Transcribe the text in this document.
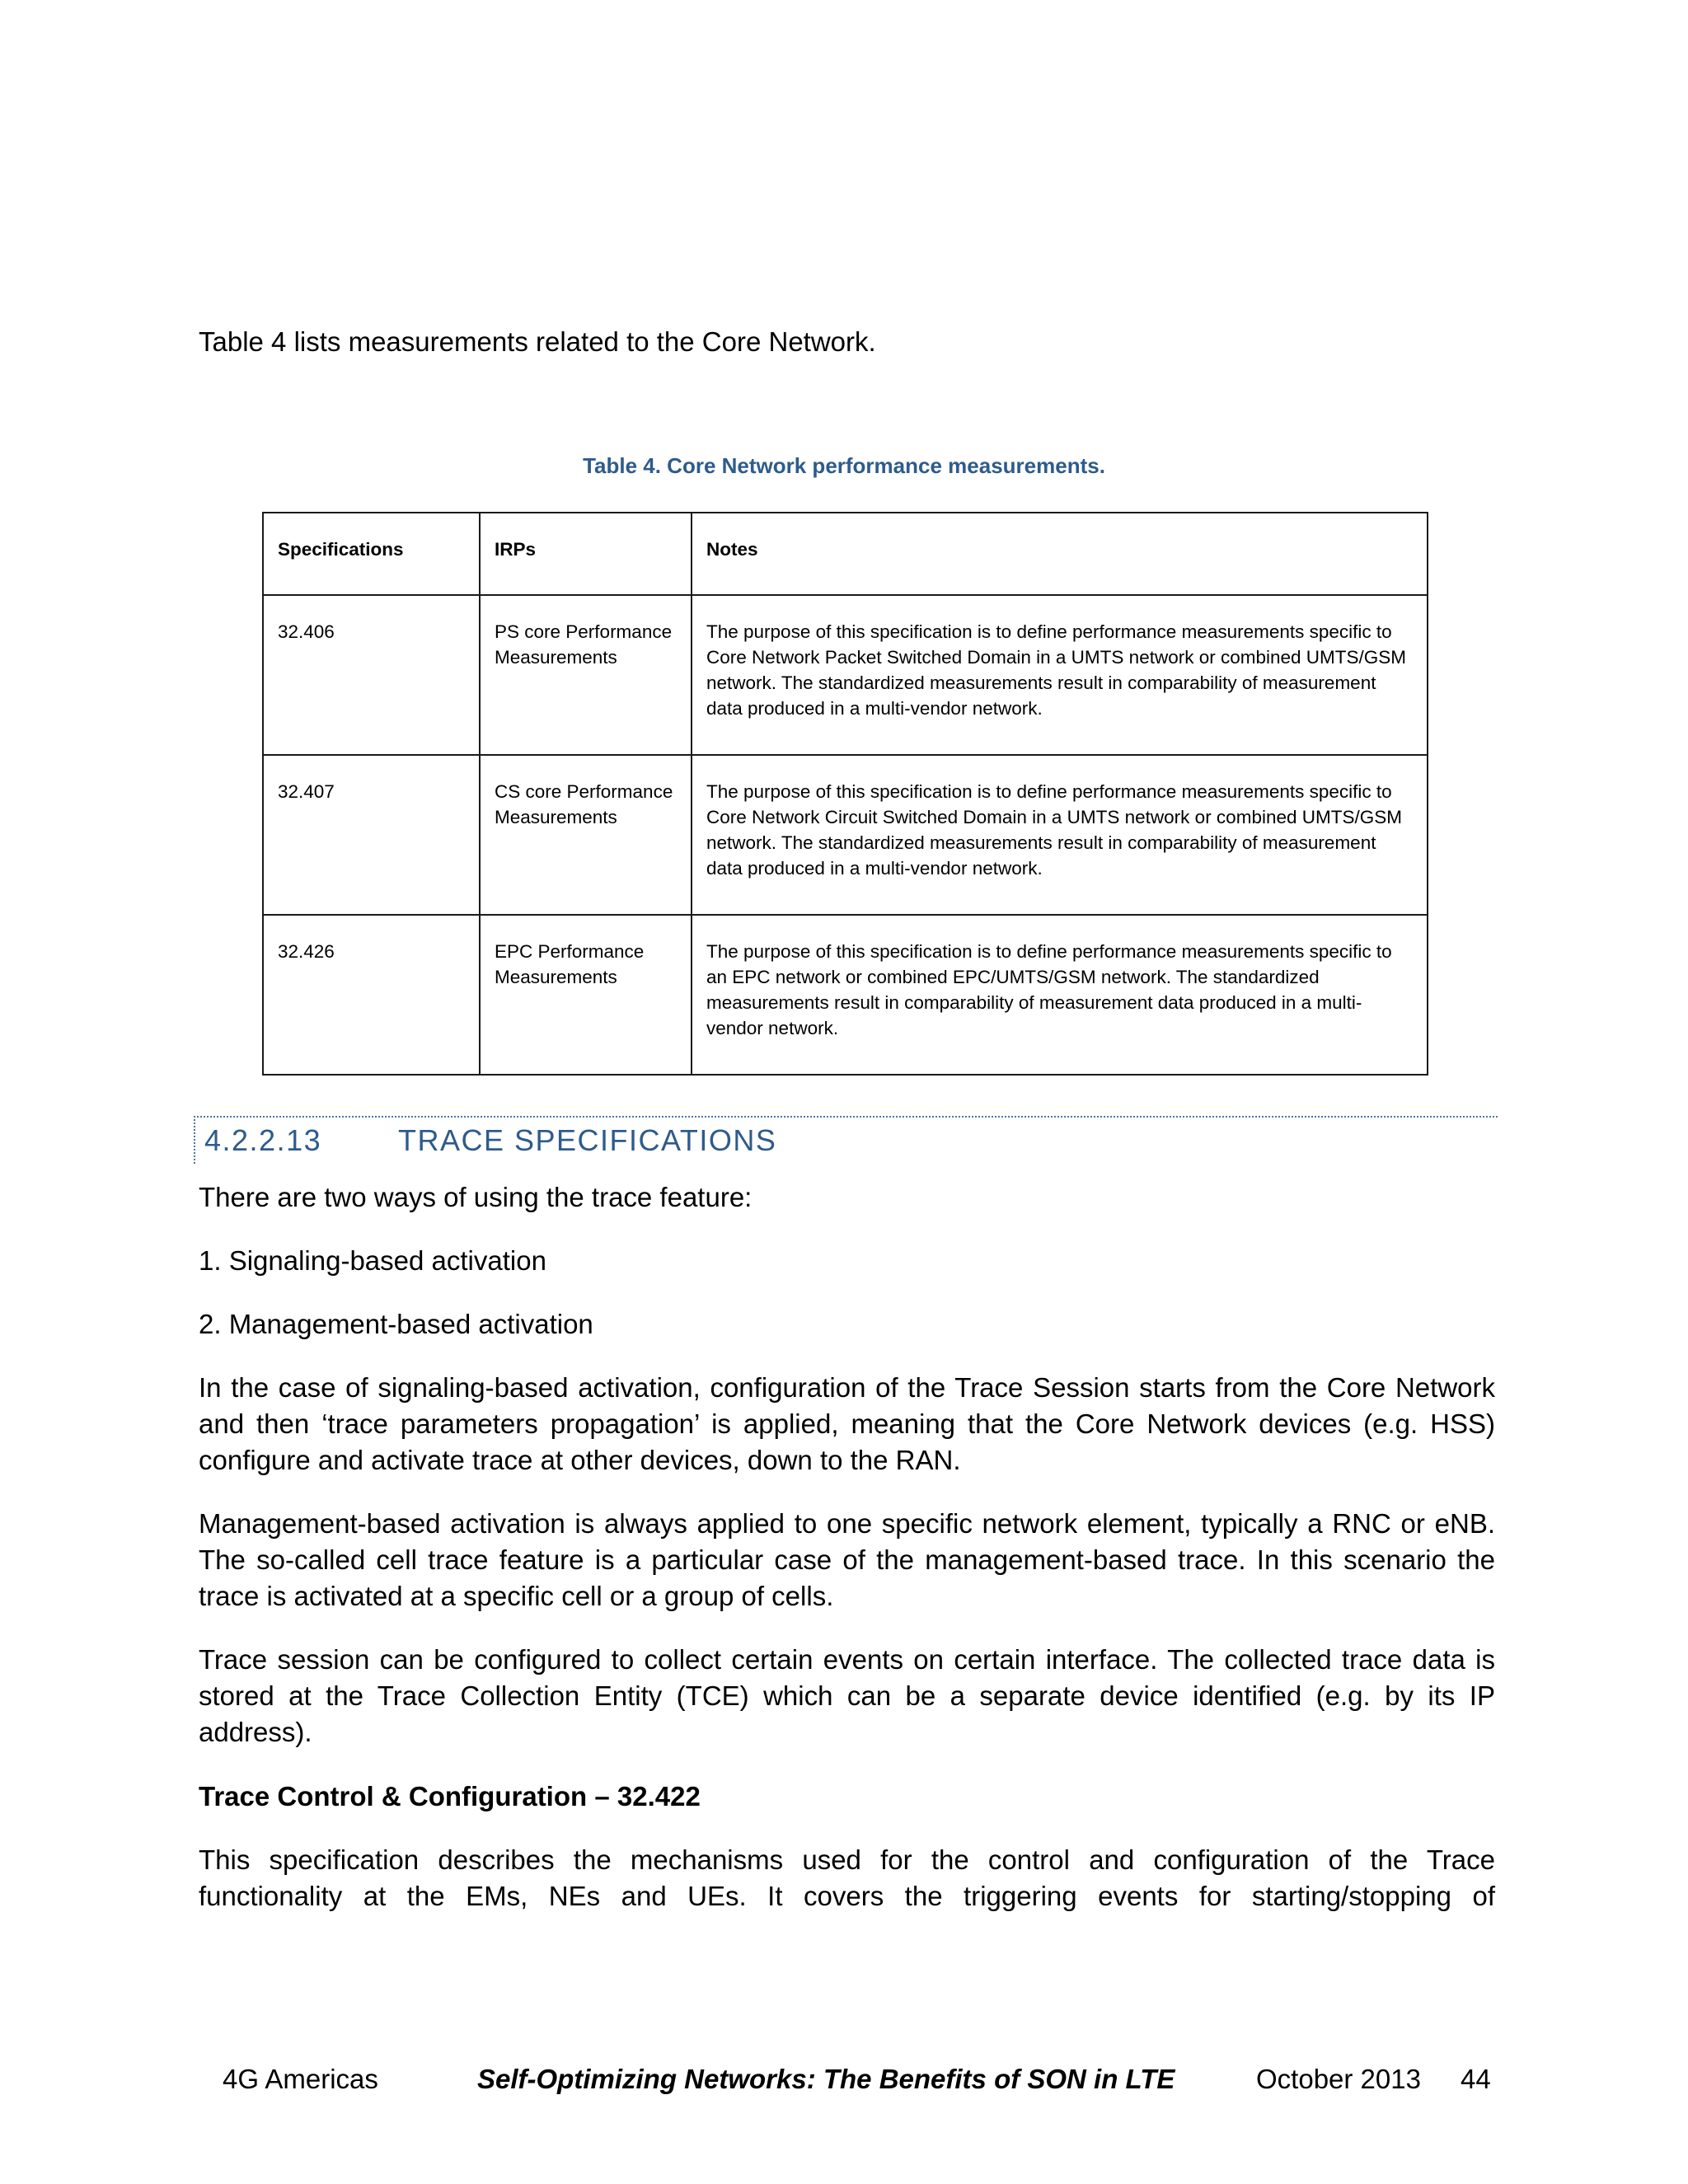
Table 4 lists measurements related to the Core Network.
Table 4. Core Network performance measurements.
Specifications	IRPs	Notes
32.406	PS core Performance Measurements	The purpose of this specification is to define performance measurements specific to Core Network Packet Switched Domain in a UMTS network or combined UMTS/GSM network. The standardized measurements result in comparability of measurement data produced in a multi-vendor network.
32.407	CS core Performance Measurements	The purpose of this specification is to define performance measurements specific to Core Network Circuit Switched Domain in a UMTS network or combined UMTS/GSM network. The standardized measurements result in comparability of measurement data produced in a multi-vendor network.
32.426	EPC Performance Measurements	The purpose of this specification is to define performance measurements specific to an EPC network or combined EPC/UMTS/GSM network. The standardized measurements result in comparability of measurement data produced in a multi-vendor network.
4.2.2.13	TRACE SPECIFICATIONS
There are two ways of using the trace feature:
1. Signaling-based activation
2. Management-based activation
In the case of signaling-based activation, configuration of the Trace Session starts from the Core Network and then ‘trace parameters propagation’ is applied, meaning that the Core Network devices (e.g. HSS) configure and activate trace at other devices, down to the RAN.
Management-based activation is always applied to one specific network element, typically a RNC or eNB. The so-called cell trace feature is a particular case of the management-based trace. In this scenario the trace is activated at a specific cell or a group of cells.
Trace session can be configured to collect certain events on certain interface. The collected trace data is stored at the Trace Collection Entity (TCE) which can be a separate device identified (e.g. by its IP address).
Trace Control & Configuration – 32.422
This specification describes the mechanisms used for the control and configuration of the Trace functionality at the EMs, NEs and UEs. It covers the triggering events for starting/stopping of
4G Americas	Self-Optimizing Networks: The Benefits of SON in LTE	October 2013 44
